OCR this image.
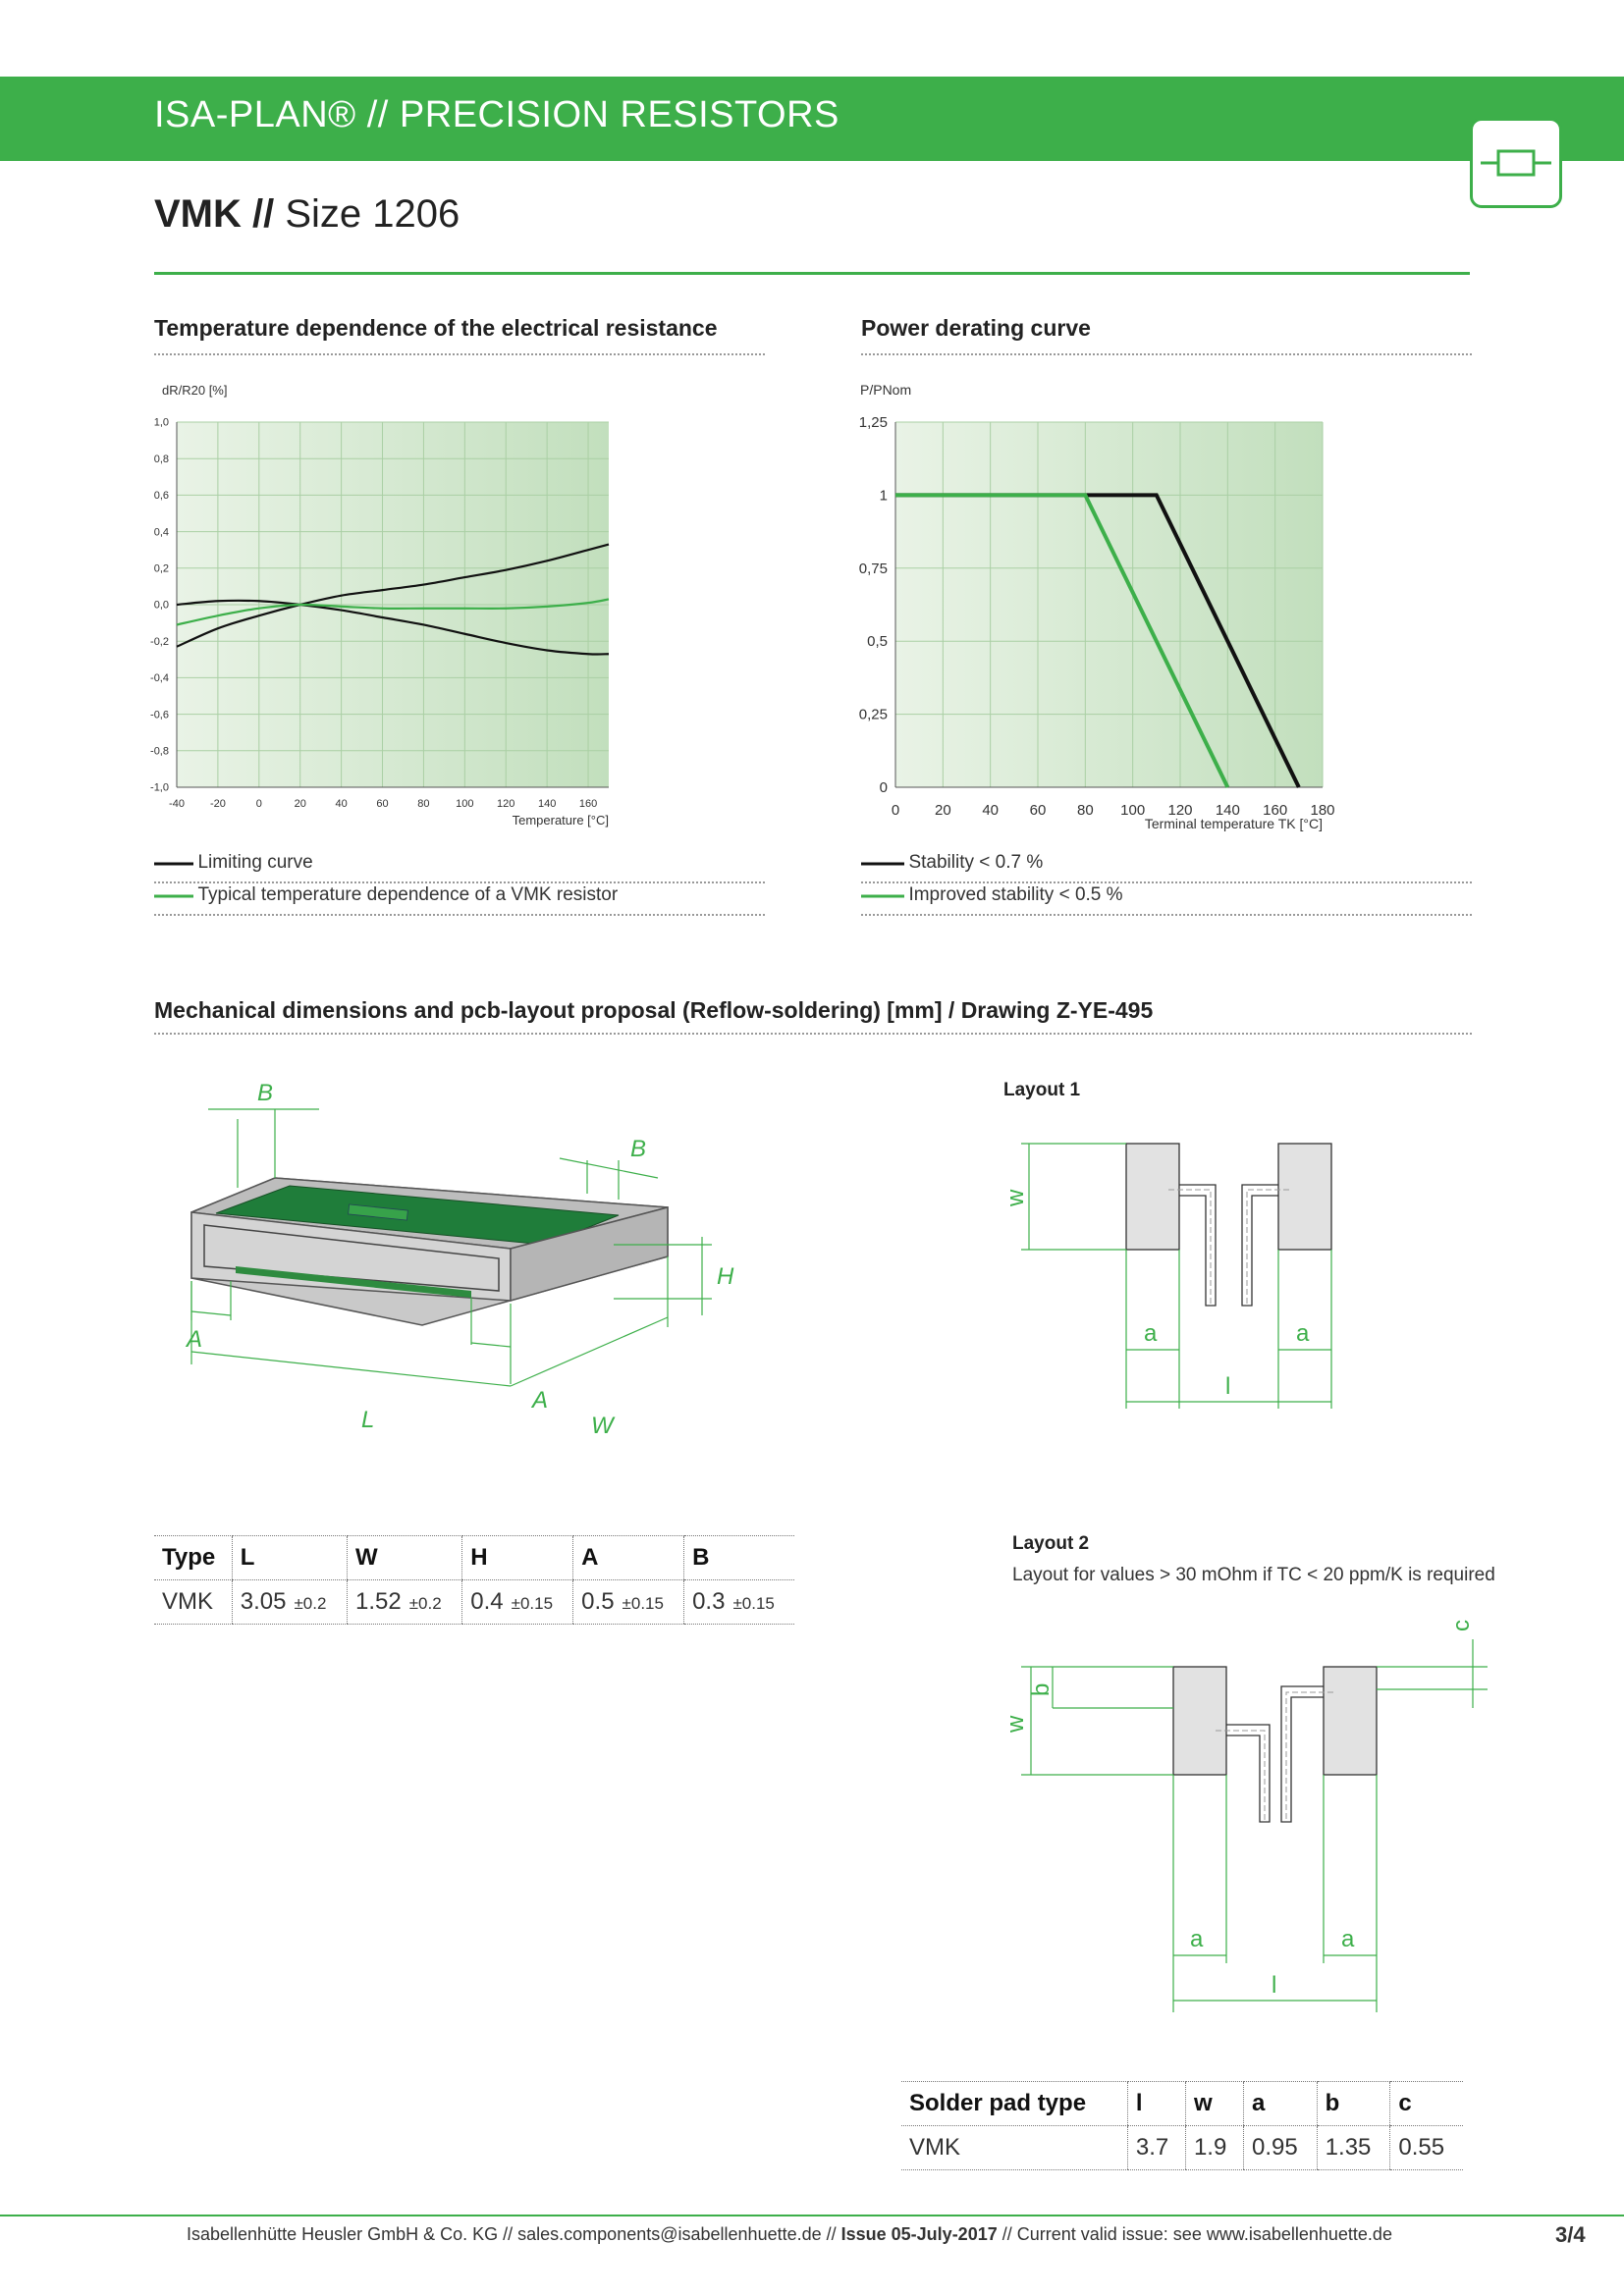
ISA-PLAN® // PRECISION RESISTORS
VMK // Size 1206
Temperature dependence of the electrical resistance
-40 -20	0	20	40	60	80 100 120 140 160
1,0
0,8
0,6
0,4
0,2
0,0
-0,2
-0,4
-0,6
-0,8
-1,0
dR/R20 [%]
Temperature [°C]
Limiting curve
Typical temperature dependence of a VMK resistor
Power derating curve
0 20 40 60 80 100 120 140 160 180
1,25
1
0,75
0,5
0,25
0
P/PNom
Terminal temperature TK [°C]
Stability < 0.7 %
Improved stability < 0.5 %
Mechanical dimensions and pcb-layout proposal (Reflow-soldering) [mm] / Drawing Z-YE-495
B
B
A
A
L	W
H
Type	L	W	H	A	B
VMK	3.05 ±0.2	1.52 ±0.2	0.4 ±0.15	0.5 ±0.15	0.3 ±0.15
Layout 1
w
a	a
l
Layout 2
Layout for values > 30 mOhm if TC < 20 ppm/K is required
w
b
c
a	a
l
Solder pad type	l	w	a	b	c
VMK	3.7	1.9	0.95	1.35	0.55
Isabellenhütte Heusler GmbH & Co. KG // sales.components@isabellenhuette.de // Issue 05-July-2017 // Current valid issue: see www.isabellenhuette.de	3/4
